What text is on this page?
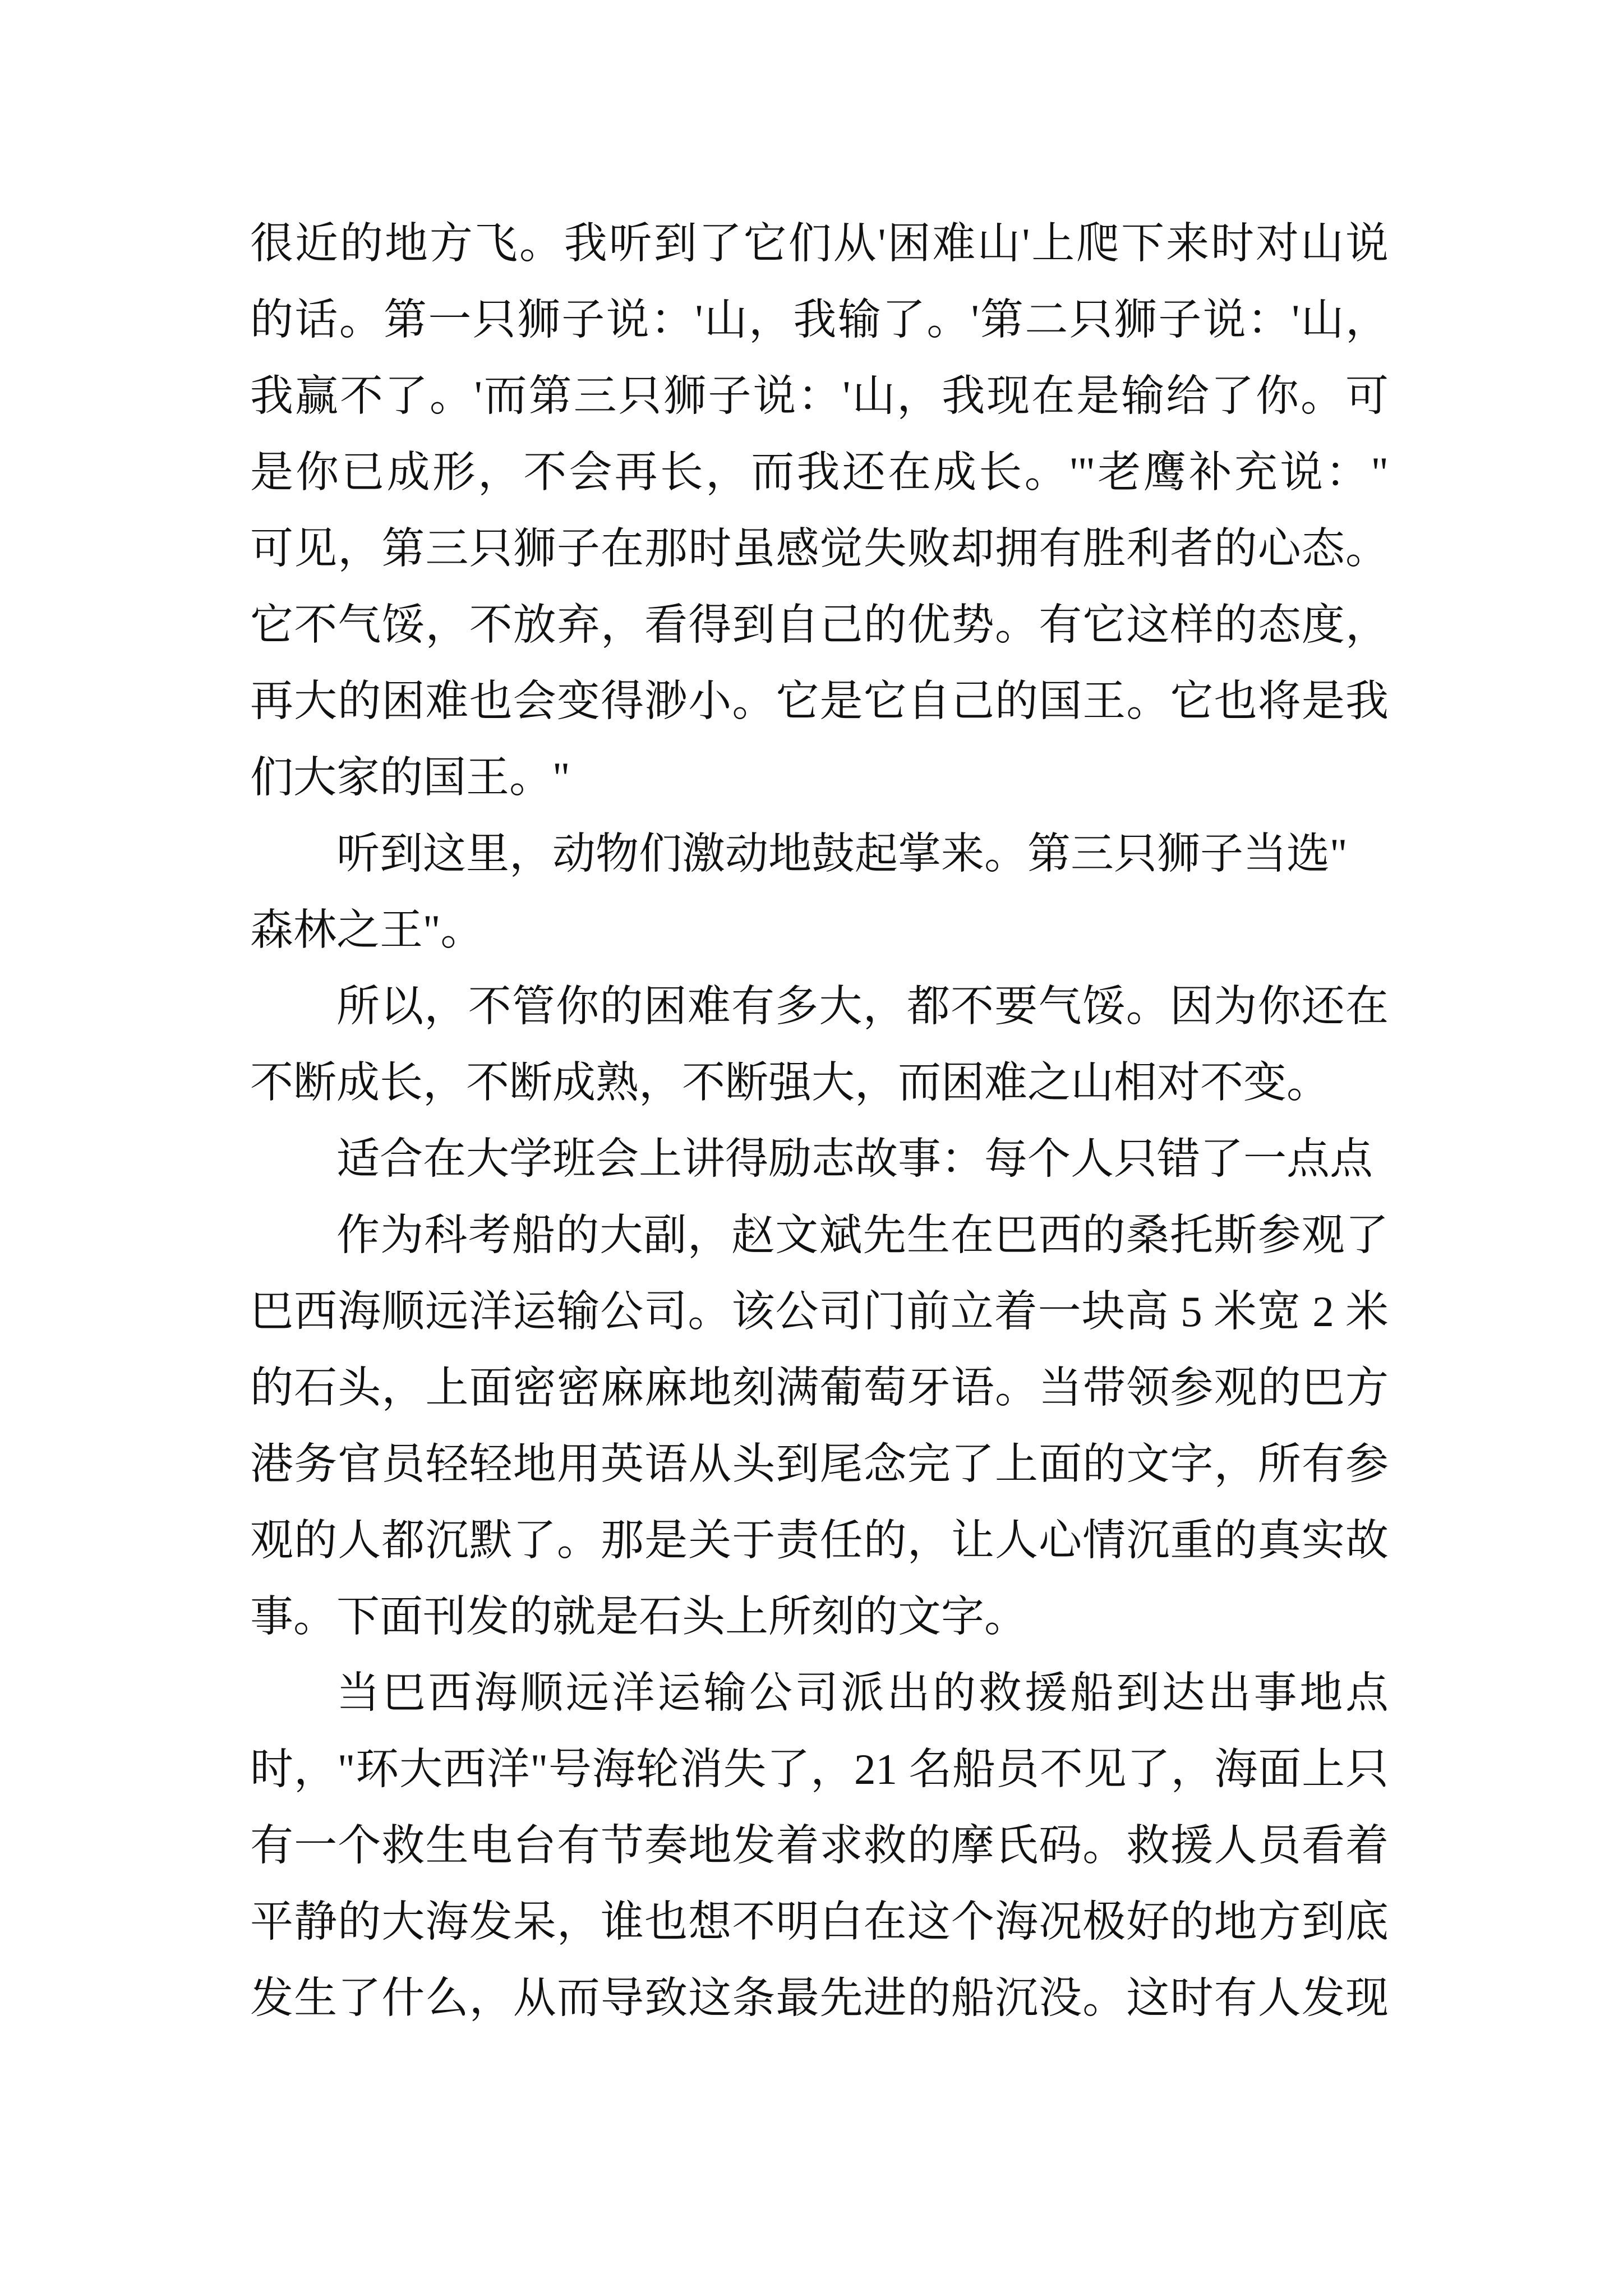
很近的地方飞。我听到了它们从'困难山'上爬下来时对山说
的话。第一只狮子说：'山，我输了。'第二只狮子说：'山，
我赢不了。'而第三只狮子说：'山，我现在是输给了你。可
是你已成形，不会再长，而我还在成长。'"老鹰补充说："
可见，第三只狮子在那时虽感觉失败却拥有胜利者的心态。
它不气馁，不放弃，看得到自己的优势。有它这样的态度，
再大的困难也会变得渺小。它是它自己的国王。它也将是我
们大家的国王。"
听到这里，动物们激动地鼓起掌来。第三只狮子当选"
森林之王"。
所以，不管你的困难有多大，都不要气馁。因为你还在
不断成长，不断成熟，不断强大，而困难之山相对不变。
适合在大学班会上讲得励志故事：每个人只错了一点点
作为科考船的大副，赵文斌先生在巴西的桑托斯参观了
巴西海顺远洋运输公司。该公司门前立着一块高 5 米宽 2 米
的石头，上面密密麻麻地刻满葡萄牙语。当带领参观的巴方
港务官员轻轻地用英语从头到尾念完了上面的文字，所有参
观的人都沉默了。那是关于责任的，让人心情沉重的真实故
事。下面刊发的就是石头上所刻的文字。
当巴西海顺远洋运输公司派出的救援船到达出事地点
时，"环大西洋"号海轮消失了，21 名船员不见了，海面上只
有一个救生电台有节奏地发着求救的摩氏码。救援人员看着
平静的大海发呆，谁也想不明白在这个海况极好的地方到底
发生了什么，从而导致这条最先进的船沉没。这时有人发现
